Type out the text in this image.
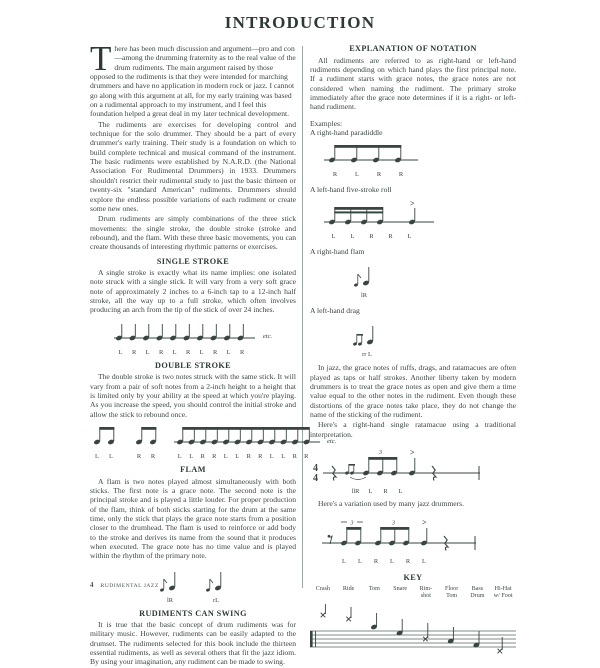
INTRODUCTION

There has been much discussion and argument—pro and con—among the drumming fraternity as to the real value of the drum rudiments. The main argument raised by those opposed to the rudiments is that they were intended for marching drummers and have no application in modern rock or jazz. I cannot go along with this argument at all, for my early training was based on a rudimental approach to my instrument, and I feel this foundation helped a great deal in my later technical development.

The rudiments are exercises for developing control and technique for the solo drummer. They should be a part of every drummer's early training. Their study is a foundation on which to build complete technical and musical command of the instrument. The basic rudiments were established by N.A.R.D. (the National Association For Rudimental Drummers) in 1933. Drummers shouldn't restrict their rudimental study to just the basic thirteen or twenty-six "standard American" rudiments. Drummers should explore the endless possible variations of each rudiment or create some new ones.

Drum rudiments are simply combinations of the three stick movements: the single stroke, the double stroke (stroke and rebound), and the flam. With these three basic movements, you can create thousands of interesting rhythmic patterns or exercises.

SINGLE STROKE

A single stroke is exactly what its name implies: one isolated note struck with a single stick. It will vary from a very soft grace note of approximately 2 inches to a 6-inch tap to a 12-inch half stroke, all the way up to a full stroke, which often involves producing an arch from the tip of the stick of over 24 inches.

etc.
L	R	L	R	L	R	L	R	L	R
DOUBLE STROKE

The double stroke is two notes struck with the same stick. It will vary from a pair of soft notes from a 2-inch height to a height that is limited only by your ability at the speed at which you're playing. As you increase the speed, you should control the initial stroke and allow the stick to rebound once.

L	L	R	R
etc.
L	L	R	R	L	L	R	R	L	L	R	R
FLAM

A flam is two notes played almost simultaneously with both sticks. The first note is a grace note. The second note is the principal stroke and is played a little louder. For proper production of the flam, think of both sticks starting for the drum at the same time, only the stick that plays the grace note starts from a position closer to the drumhead. The flam is used to reinforce or add body to the stroke and derives its name from the sound that it produces when executed. The grace note has no time value and is played within the rhythm of the primary note.

lR	rL
RUDIMENTS CAN SWING

It is true that the basic concept of drum rudiments was for military music. However, rudiments can be easily adapted to the drumset. The rudiments selected for this book include the thirteen essential rudiments, as well as several others that fit the jazz idiom. By using your imagination, any rudiment can be made to swing.

EXPLANATION OF NOTATION

All rudiments are referred to as right-hand or left-hand rudiments depending on which hand plays the first principal note. If a rudiment starts with grace notes, the grace notes are not considered when naming the rudiment. The primary stroke immediately after the grace note determines if it is a right- or left-hand rudiment.

Examples:

A right-hand paradiddle

R	L	R	R

A left-hand five-stroke roll

>
L	L	R	R	L

A right-hand flam

lR

A left-hand drag

rr L

In jazz, the grace notes of ruffs, drags, and ratamacues are often played as taps or half strokes. Another liberty taken by modern drummers is to treat the grace notes as open and give them a time value equal to the other notes in the rudiment. Even though these distortions of the grace notes take place, they do not change the name of the sticking of the rudiment.

Here's a right-hand single ratamacue using a traditional interpretation.

4
4
3	>
llR	L	R	L

Here's a variation used by many jazz drummers.

3	3	>
L	L	R	L	R	L
KEY
Crash	Ride	Tom	Snare	Rim-
shot
Floor
Tom
Bass
Drum
Hi-Hat
w/ Foot
4 RUDIMENTAL JAZZ
